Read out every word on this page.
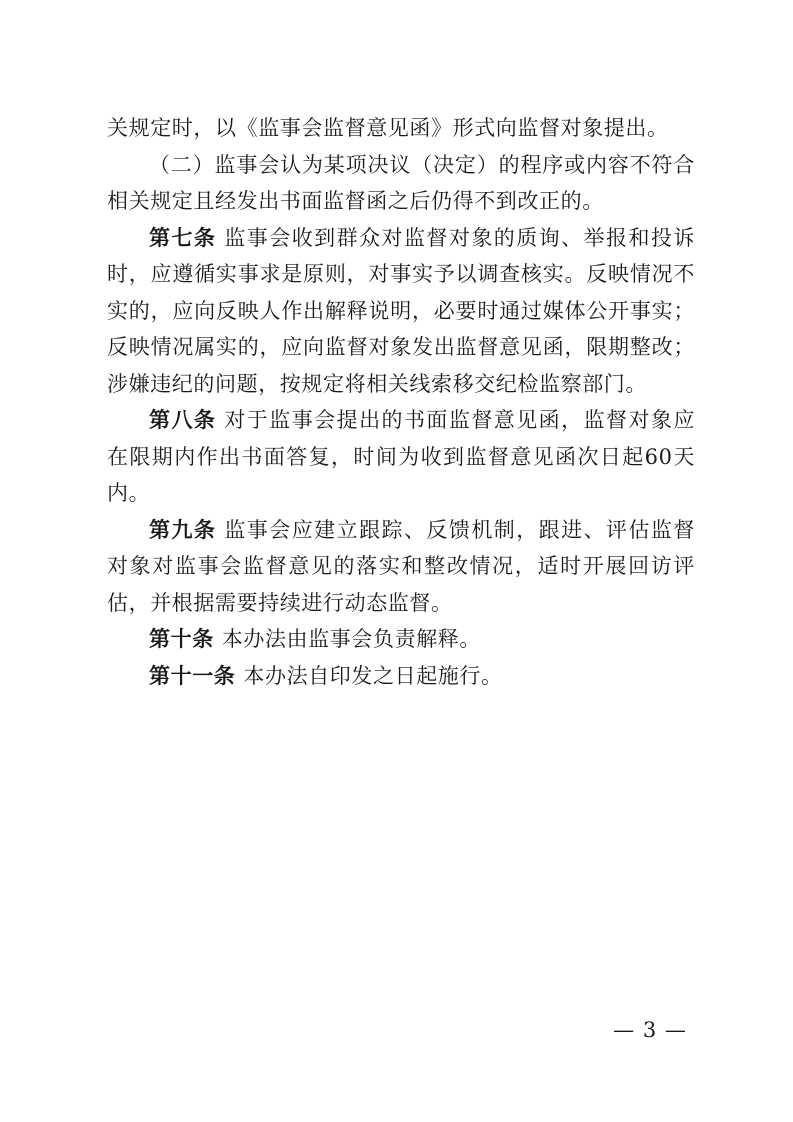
关规定时，以《监事会监督意见函》形式向监督对象提出。

（二）监事会认为某项决议（决定）的程序或内容不符合相关规定且经发出书面监督函之后仍得不到改正的。

第七条 监事会收到群众对监督对象的质询、举报和投诉时，应遵循实事求是原则，对事实予以调查核实。反映情况不实的，应向反映人作出解释说明，必要时通过媒体公开事实；反映情况属实的，应向监督对象发出监督意见函，限期整改；涉嫌违纪的问题，按规定将相关线索移交纪检监察部门。

第八条 对于监事会提出的书面监督意见函，监督对象应在限期内作出书面答复，时间为收到监督意见函次日起60天内。

第九条 监事会应建立跟踪、反馈机制，跟进、评估监督对象对监事会监督意见的落实和整改情况，适时开展回访评估，并根据需要持续进行动态监督。

第十条 本办法由监事会负责解释。

第十一条 本办法自印发之日起施行。

— 3 —
